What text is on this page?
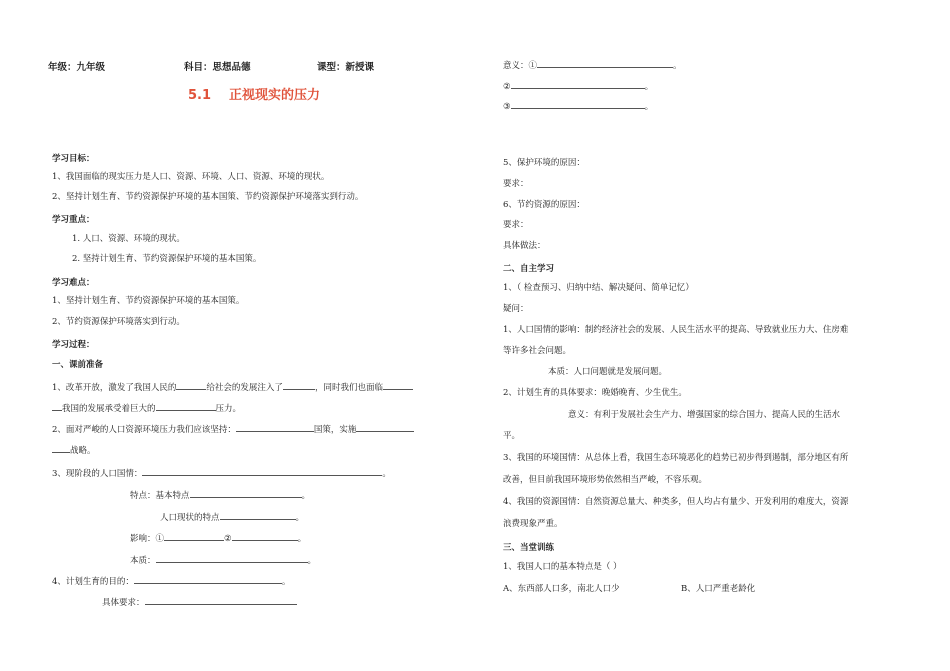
年级：九年级	科目：思想品德	课型：新授课
5.1 正视现实的压力
学习目标：
1、我国面临的现实压力是人口、资源、环境、人口、资源、环境的现状。
2、坚持计划生育、节约资源保护环境的基本国策、节约资源保护环境落实到行动。
学习重点：
1. 人口、资源、环境的现状。
2. 坚持计划生育、节约资源保护环境的基本国策。
学习难点：
1、坚持计划生育、节约资源保护环境的基本国策。
2、节约资源保护环境落实到行动。
学习过程：
一、课前准备
1、改革开放，激发了我国人民的	给社会的发展注入了	，同时我们也面临
我国的发展承受着巨大的	压力。
2、面对严峻的人口资源环境压力我们应该坚持：	国策，实施
战略。
3、现阶段的人口国情：	。
特点：基本特点	。
人口现状的特点	。
影响：①	②	。
本质：	。
4、计划生育的目的：	。
具体要求：
意义：①	。
②	。
③	。
5、保护环境的原因：
要求：
6、节约资源的原因：
要求：
具体做法：
二、自主学习
1、（ 检查预习、归纳中结、解决疑问、简单记忆）
疑问：
1、人口国情的影响：制约经济社会的发展、人民生活水平的提高、导致就业压力大、住房难
等许多社会问题。
本质：人口问题就是发展问题。
2、计划生育的具体要求：晚婚晚育、少生优生。
意义：有利于发展社会生产力、增强国家的综合国力、提高人民的生活水
平。
3、我国的环境国情：从总体上看，我国生态环境恶化的趋势已初步得到遏制，部分地区有所
改善，但目前我国环境形势依然相当严峻，不容乐观。
4、我国的资源国情：自然资源总量大、种类多，但人均占有量少、开发利用的难度大，资源
浪费现象严重。
三、当堂训练
1、我国人口的基本特点是（ ）
A、东西部人口多，南北人口少	B、人口严重老龄化
